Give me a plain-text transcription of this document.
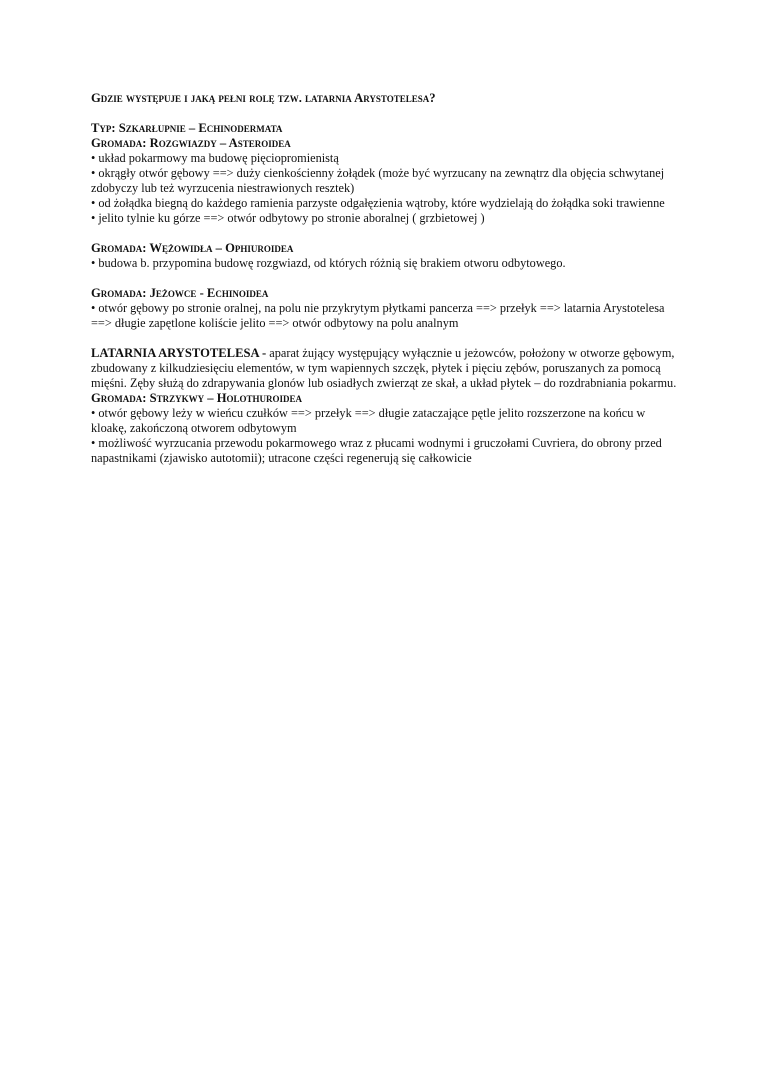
Gdzie występuje i jaką pełni rolę tzw. latarnia Arystotelesa?

Typ: Szkarłupnie – Echinodermata

Gromada: Rozgwiazdy – Asteroidea

• układ pokarmowy ma budowę pięciopromienistą

• okrągły otwór gębowy ==> duży cienkościenny żołądek (może być wyrzucany na zewnątrz dla objęcia schwytanej zdobyczy lub też wyrzucenia niestrawionych resztek)

• od żołądka biegną do każdego ramienia parzyste odgałęzienia wątroby, które wydzielają do żołądka soki trawienne

• jelito tylnie ku górze ==> otwór odbytowy po stronie aboralnej ( grzbietowej )

Gromada: Wężowidła – Ophiuroidea

• budowa b. przypomina budowę rozgwiazd, od których różnią się brakiem otworu odbytowego.

Gromada: Jeżowce - Echinoidea

• otwór gębowy po stronie oralnej, na polu nie przykrytym płytkami pancerza ==> przełyk ==> latarnia Arystotelesa ==> długie zapętlone koliście jelito ==> otwór odbytowy na polu analnym

LATARNIA ARYSTOTELESA - aparat żujący występujący wyłącznie u jeżowców, położony w otworze gębowym, zbudowany z kilkudziesięciu elementów, w tym wapiennych szczęk, płytek i pięciu zębów, poruszanych za pomocą mięśni. Zęby służą do zdrapywania glonów lub osiadłych zwierząt ze skał, a układ płytek – do rozdrabniania pokarmu.

Gromada: Strzykwy – Holothuroidea

• otwór gębowy leży w wieńcu czułków ==> przełyk ==> długie zataczające pętle jelito rozszerzone na końcu w kloakę, zakończoną otworem odbytowym

• możliwość wyrzucania przewodu pokarmowego wraz z płucami wodnymi i gruczołami Cuvriera, do obrony przed napastnikami (zjawisko autotomii); utracone części regenerują się całkowicie
